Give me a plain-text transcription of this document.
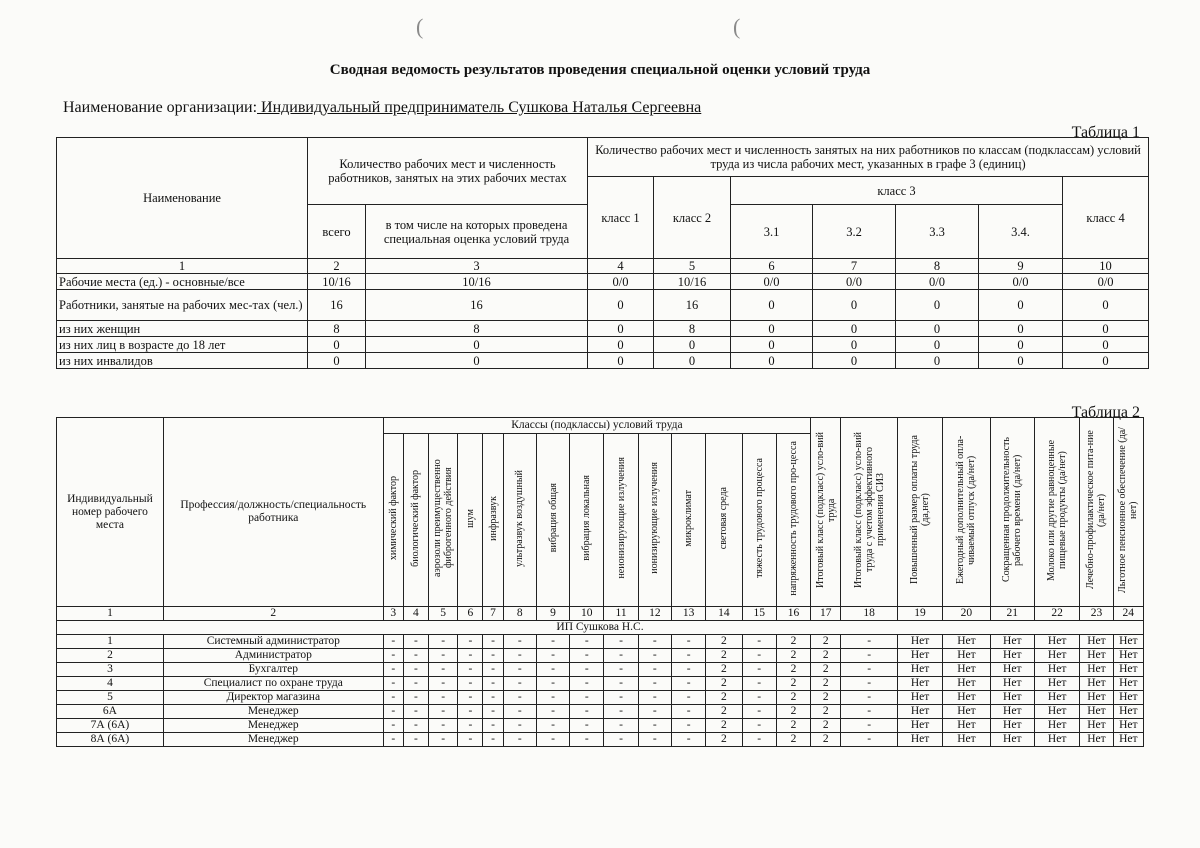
(	(
Сводная ведомость результатов проведения специальной оценки условий труда
Наименование организации: Индивидуальный предприниматель Сушкова Наталья Сергеевна
Таблица 1
Наименование	Количество рабочих мест и численность работников, занятых на этих рабочих местах		Количество рабочих мест и численность занятых на них работников по классам (подклассам) условий труда из числа рабочих мест, указанных в графе 3 (единиц)						
			класс 1	класс 2	класс 3				класс 4
	всего	в том числе на которых проведена специальная оценка условий труда			3.1	3.2	3.3	3.4.	
1	2	3	4	5	6	7	8	9	10
Рабочие места (ед.) - основные/все	10/16	10/16	0/0	10/16	0/0	0/0	0/0	0/0	0/0
Работники, занятые на рабочих мес-тах (чел.)	16	16	0	16	0	0	0	0	0
из них женщин	8	8	0	8	0	0	0	0	0
из них лиц в возрасте до 18 лет	0	0	0	0	0	0	0	0	0
из них инвалидов	0	0	0	0	0	0	0	0	0
Таблица 2
Индивидуальный номер рабочего места	Профессия/должность/специальность работника	Классы (подклассы) условий труда														Итоговый класс (подкласс) усло-вий труда	Итоговый класс (подкласс) усло-вий труда с учетом эффективного применения СИЗ	Повышенный размер оплаты труда (да,нет)	Ежегодный дополнительный опла-чиваемый отпуск (да/нет)	Сокращенная продолжительность рабочего времени (да/нет)	Молоко или другие равноценные пищевые продукты (да/нет)	Лечебно-профилактическое пита-ние (да/нет)	Льготное пенсионное обеспечение (да/нет)
		химический фактор	биологический фактор	аэрозоли преимущественно фиброгенного действия	шум	инфразвук	ультразвук воздушный	вибрация общая	вибрация локальная	неионизирующие излучения	ионизирующие излучения	микроклимат	световая среда	тяжесть трудового процесса	напряженность трудового про-цесса								
1	2	3	4	5	6	7	8	9	10	11	12	13	14	15	16	17	18	19	20	21	22	23	24
ИП Сушкова Н.С.																							
1	Системный администратор	-	-	-	-	-	-	-	-	-	-	-	2	-	2	2	-	Нет	Нет	Нет	Нет	Нет	Нет
2	Администратор	-	-	-	-	-	-	-	-	-	-	-	2	-	2	2	-	Нет	Нет	Нет	Нет	Нет	Нет
3	Бухгалтер	-	-	-	-	-	-	-	-	-	-	-	2	-	2	2	-	Нет	Нет	Нет	Нет	Нет	Нет
4	Специалист по охране труда	-	-	-	-	-	-	-	-	-	-	-	2	-	2	2	-	Нет	Нет	Нет	Нет	Нет	Нет
5	Директор магазина	-	-	-	-	-	-	-	-	-	-	-	2	-	2	2	-	Нет	Нет	Нет	Нет	Нет	Нет
6А	Менеджер	-	-	-	-	-	-	-	-	-	-	-	2	-	2	2	-	Нет	Нет	Нет	Нет	Нет	Нет
7А (6А)	Менеджер	-	-	-	-	-	-	-	-	-	-	-	2	-	2	2	-	Нет	Нет	Нет	Нет	Нет	Нет
8А (6А)	Менеджер	-	-	-	-	-	-	-	-	-	-	-	2	-	2	2	-	Нет	Нет	Нет	Нет	Нет	Нет
